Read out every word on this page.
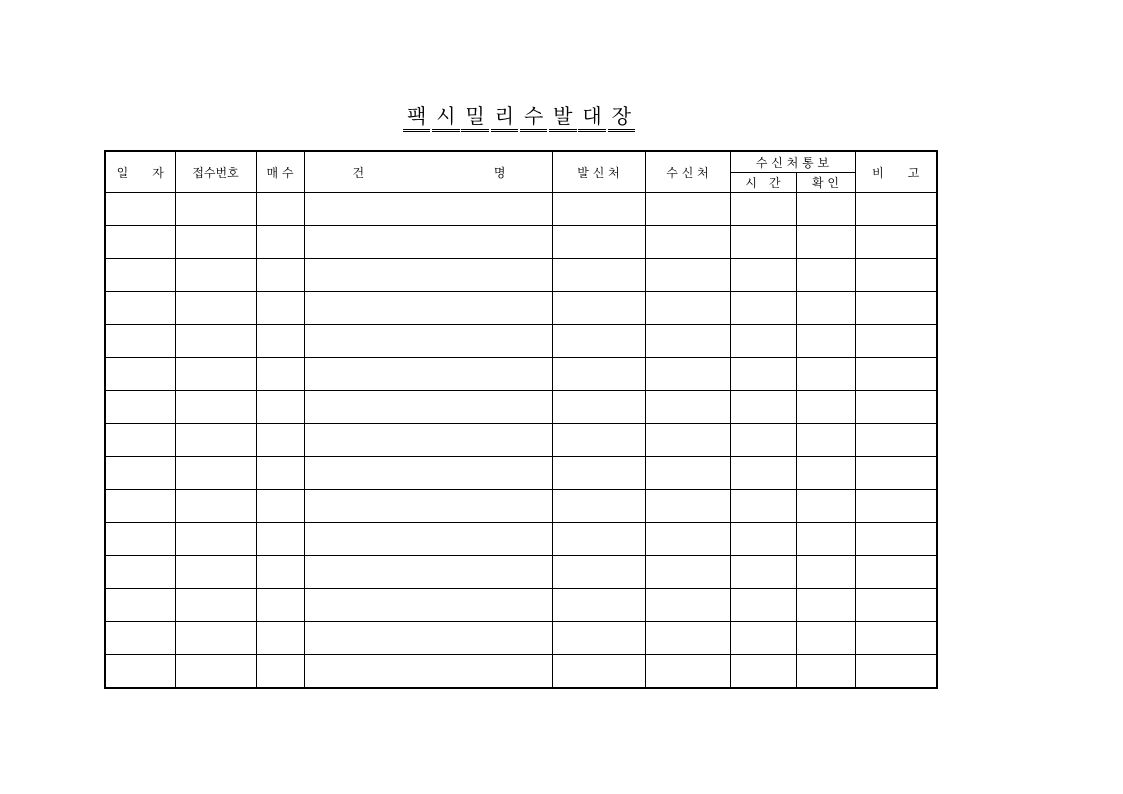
팩 시 밀 리 수 발 대 장
일　　자	접수번호	매 수	건 명	발 신 처	수 신 처	수 신 처 통 보		비　　고
						시　간	확 인	
